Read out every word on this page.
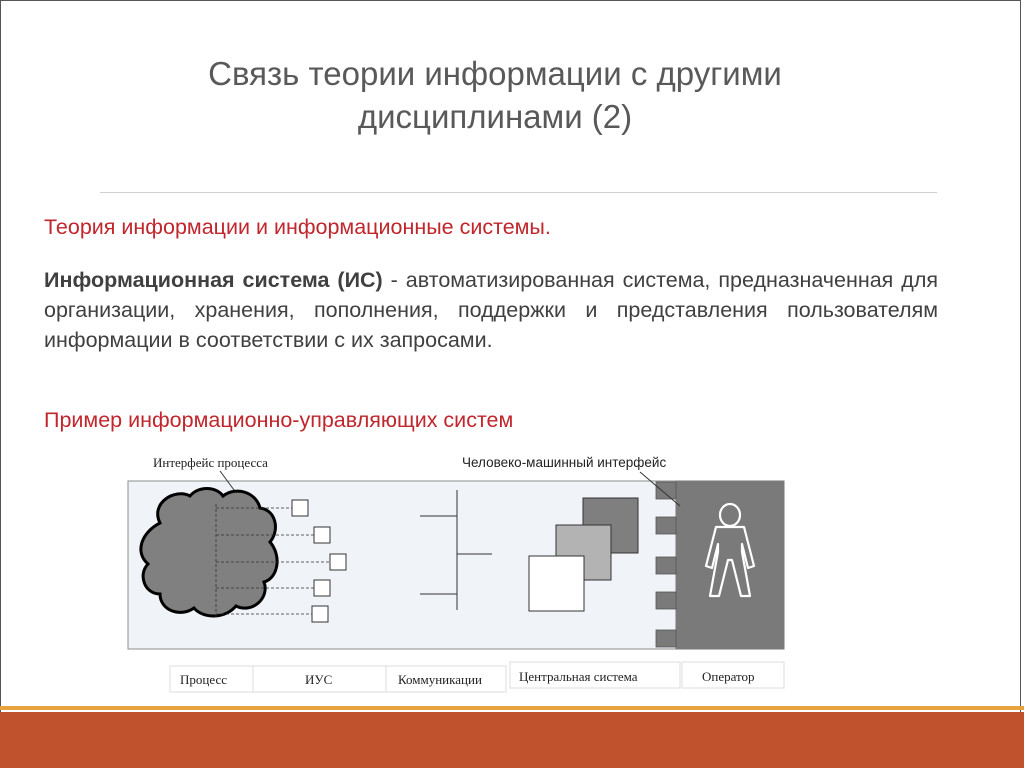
Связь теории информации с другими
дисциплинами (2)
Теория информации и информационные системы.
Информационная система (ИС) - автоматизированная система, предназначенная для организации, хранения, пополнения, поддержки и представления пользователям информации в соответствии с их запросами.
Пример информационно-управляющих систем
Интерфейс процесса	Человеко-машинный интерфейс
Процесс	ИУС	Коммуникации	Центральная система	Оператор
